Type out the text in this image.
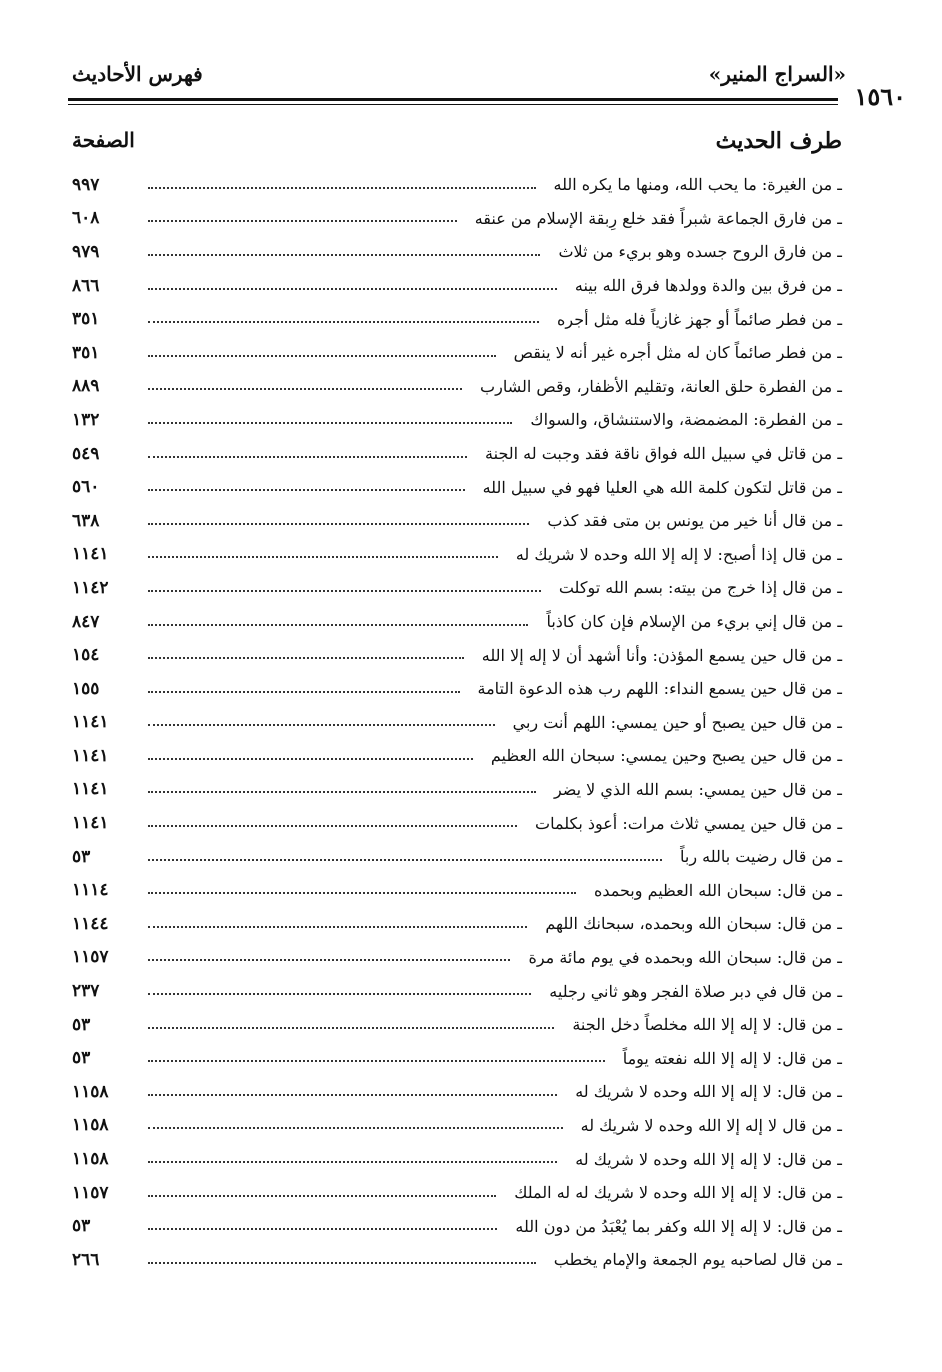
١٥٦٠
«السراج المنير»
فهرس الأحاديث
طرف الحديث
الصفحة
٩٩٧	ـ من الغيرة: ما يحب الله، ومنها ما يكره الله
٦٠٨	ـ من فارق الجماعة شبراً فقد خلع رِبقة الإسلام من عنقه
٩٧٩	ـ من فارق الروح جسده وهو بريء من ثلاث
٨٦٦	ـ من فرق بين والدة وولدها فرق الله بينه
٣٥١	ـ من فطر صائماً أو جهز غازياً فله مثل أجره
٣٥١	ـ من فطر صائماً كان له مثل أجره غير أنه لا ينقص
٨٨٩	ـ من الفطرة حلق العانة، وتقليم الأظفار، وقص الشارب
١٣٢	ـ من الفطرة: المضمضة، والاستنشاق، والسواك
٥٤٩	ـ من قاتل في سبيل الله فواق ناقة فقد وجبت له الجنة
٥٦٠	ـ من قاتل لتكون كلمة الله هي العليا فهو في سبيل الله
٦٣٨	ـ من قال أنا خير من يونس بن متى فقد كذب
١١٤١	ـ من قال إذا أصبح: لا إله إلا الله وحده لا شريك له
١١٤٢	ـ من قال إذا خرج من بيته: بسم الله توكلت
٨٤٧	ـ من قال إني بريء من الإسلام فإن كان كاذباً
١٥٤	ـ من قال حين يسمع المؤذن: وأنا أشهد أن لا إله إلا الله
١٥٥	ـ من قال حين يسمع النداء: اللهم رب هذه الدعوة التامة
١١٤١	ـ من قال حين يصبح أو حين يمسي: اللهم أنت ربي
١١٤١	ـ من قال حين يصبح وحين يمسي: سبحان الله العظيم
١١٤١	ـ من قال حين يمسي: بسم الله الذي لا يضر
١١٤١	ـ من قال حين يمسي ثلاث مرات: أعوذ بكلمات
٥٣	ـ من قال رضيت بالله رباً
١١١٤	ـ من قال: سبحان الله العظيم وبحمده
١١٤٤	ـ من قال: سبحان الله وبحمده، سبحانك اللهم
١١٥٧	ـ من قال: سبحان الله وبحمده في يوم مائة مرة
٢٣٧	ـ من قال في دبر صلاة الفجر وهو ثاني رجليه
٥٣	ـ من قال: لا إله إلا الله مخلصاً دخل الجنة
٥٣	ـ من قال: لا إله إلا الله نفعته يوماً
١١٥٨	ـ من قال: لا إله إلا الله وحده لا شريك له
١١٥٨	ـ من قال لا إله إلا الله وحده لا شريك له
١١٥٨	ـ من قال: لا إله إلا الله وحده لا شريك له
١١٥٧	ـ من قال: لا إله إلا الله وحده لا شريك له له الملك
٥٣	ـ من قال: لا إله إلا الله وكفر بما يُعْبَدُ من دون الله
٢٦٦	ـ من قال لصاحبه يوم الجمعة والإمام يخطب
